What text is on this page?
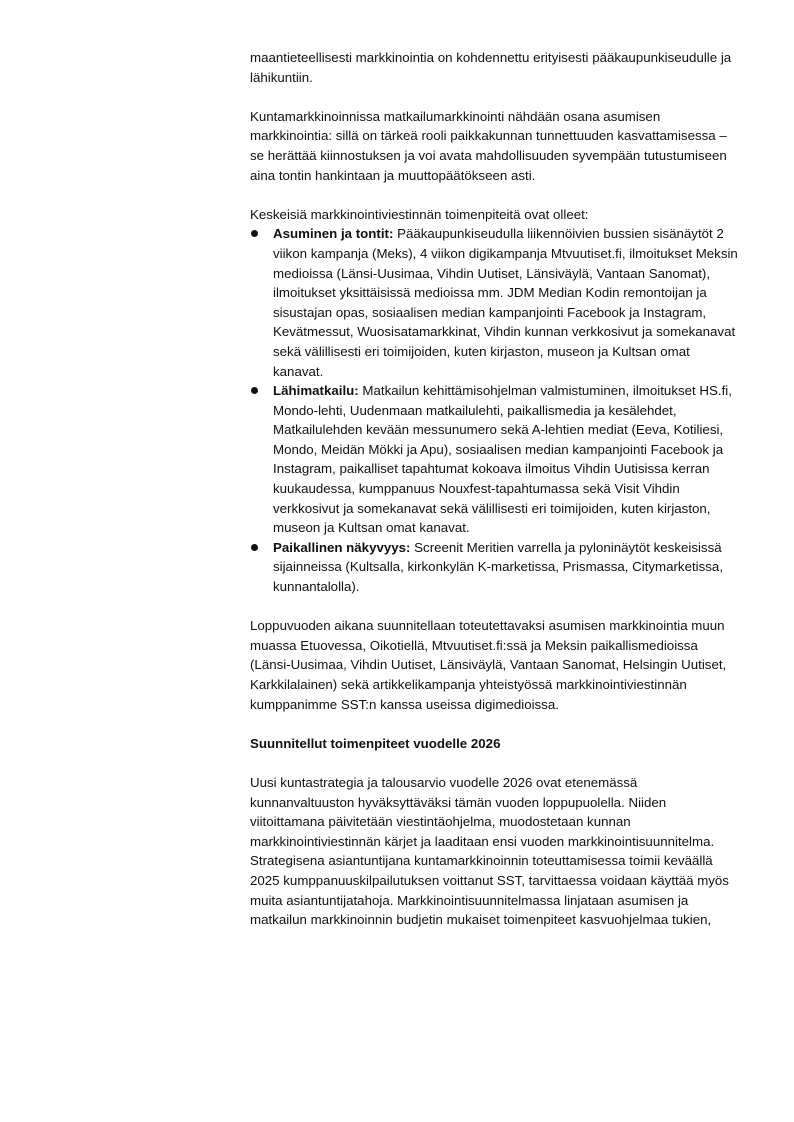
maantieteellisesti markkinointia on kohdennettu erityisesti pääkaupunkiseudulle ja lähikuntiin.

Kuntamarkkinoinnissa matkailumarkkinointi nähdään osana asumisen markkinointia: sillä on tärkeä rooli paikkakunnan tunnettuuden kasvattamisessa – se herättää kiinnostuksen ja voi avata mahdollisuuden syvempään tutustumiseen aina tontin hankintaan ja muuttopäätökseen asti.

Keskeisiä markkinointiviestinnän toimenpiteitä ovat olleet:

Asuminen ja tontit: Pääkaupunkiseudulla liikennöivien bussien sisänäytöt 2 viikon kampanja (Meks), 4 viikon digikampanja Mtvuutiset.fi, ilmoitukset Meksin medioissa (Länsi-Uusimaa, Vihdin Uutiset, Länsiväylä, Vantaan Sanomat), ilmoitukset yksittäisissä medioissa mm. JDM Median Kodin remontoijan ja sisustajan opas, sosiaalisen median kampanjointi Facebook ja Instagram, Kevätmessut, Wuosisatamarkkinat, Vihdin kunnan verkkosivut ja somekanavat sekä välillisesti eri toimijoiden, kuten kirjaston, museon ja Kultsan omat kanavat.
Lähimatkailu: Matkailun kehittämisohjelman valmistuminen, ilmoitukset HS.fi, Mondo-lehti, Uudenmaan matkailulehti, paikallismedia ja kesälehdet, Matkailulehden kevään messunumero sekä A-lehtien mediat (Eeva, Kotiliesi, Mondo, Meidän Mökki ja Apu), sosiaalisen median kampanjointi Facebook ja Instagram, paikalliset tapahtumat kokoava ilmoitus Vihdin Uutisissa kerran kuukaudessa, kumppanuus Nouxfest-tapahtumassa sekä Visit Vihdin verkkosivut ja somekanavat sekä välillisesti eri toimijoiden, kuten kirjaston, museon ja Kultsan omat kanavat.
Paikallinen näkyvyys: Screenit Meritien varrella ja pyloninäytöt keskeisissä sijainneissa (Kultsalla, kirkonkylän K-marketissa, Prismassa, Citymarketissa, kunnantalolla).

Loppuvuoden aikana suunnitellaan toteutettavaksi asumisen markkinointia muun muassa Etuovessa, Oikotiellä, Mtvuutiset.fi:ssä ja Meksin paikallismedioissa (Länsi-Uusimaa, Vihdin Uutiset, Länsiväylä, Vantaan Sanomat, Helsingin Uutiset, Karkkilalainen) sekä artikkelikampanja yhteistyössä markkinointiviestinnän kumppanimme SST:n kanssa useissa digimedioissa.

Suunnitellut toimenpiteet vuodelle 2026

Uusi kuntastrategia ja talousarvio vuodelle 2026 ovat etenemässä kunnanvaltuuston hyväksyttäväksi tämän vuoden loppupuolella. Niiden viitoittamana päivitetään viestintäohjelma, muodostetaan kunnan markkinointiviestinnän kärjet ja laaditaan ensi vuoden markkinointisuunnitelma. Strategisena asiantuntijana kuntamarkkinoinnin toteuttamisessa toimii keväällä 2025 kumppanuuskilpailutuksen voittanut SST, tarvittaessa voidaan käyttää myös muita asiantuntijatahoja. Markkinointisuunnitelmassa linjataan asumisen ja matkailun markkinoinnin budjetin mukaiset toimenpiteet kasvuohjelmaa tukien,
